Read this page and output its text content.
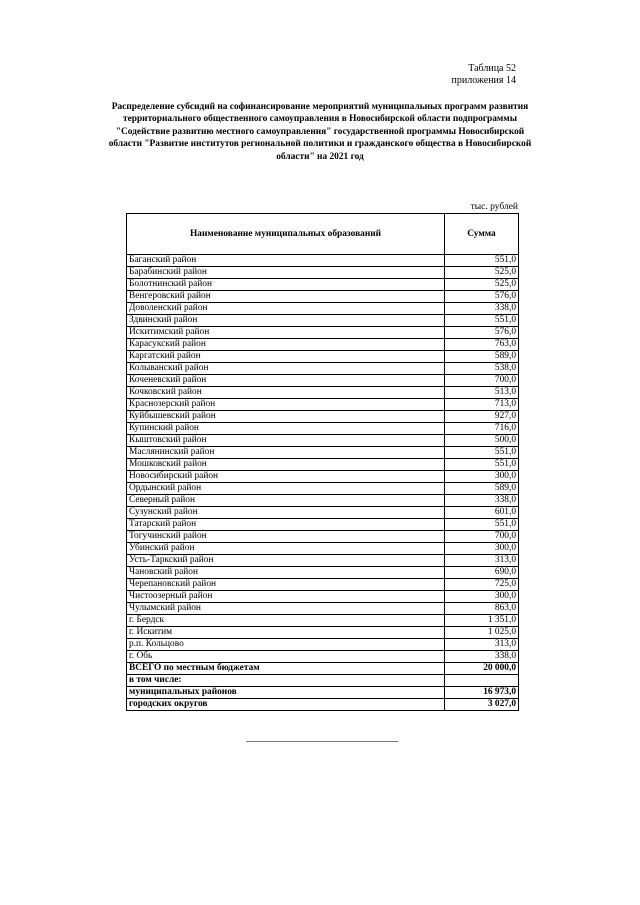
Таблица 52
приложения 14
Распределение субсидий на софинансирование мероприятий муниципальных программ развития территориального общественного самоуправления в Новосибирской области подпрограммы "Содействие развитию местного самоуправления" государственной программы Новосибирской области "Развитие институтов региональной политики и гражданского общества в Новосибирской области" на 2021 год
тыс. рублей
Наименование муниципальных образований	Сумма
Баганский район	551,0
Барабинский район	525,0
Болотнинский район	525,0
Венгеровский район	576,0
Доволенский район	338,0
Здвинский район	551,0
Искитимский район	576,0
Карасукский район	763,0
Каргатский район	589,0
Колыванский район	538,0
Коченевский район	700,0
Кочковский район	513,0
Краснозерский район	713,0
Куйбышевский район	927,0
Купинский район	716,0
Кыштовский район	500,0
Маслянинский район	551,0
Мошковский район	551,0
Новосибирский район	300,0
Ордынский район	589,0
Северный район	338,0
Сузунский район	601,0
Татарский район	551,0
Тогучинский район	700,0
Убинский район	300,0
Усть-Таркский район	313,0
Чановский район	690,0
Черепановский район	725,0
Чистоозерный район	300,0
Чулымский район	863,0
г. Бердск	1 351,0
г. Искитим	1 025,0
р.п. Кольцово	313,0
г. Обь	338,0
ВСЕГО по местным бюджетам	20 000,0
в том числе:	
муниципальных районов	16 973,0
городских округов	3 027,0
